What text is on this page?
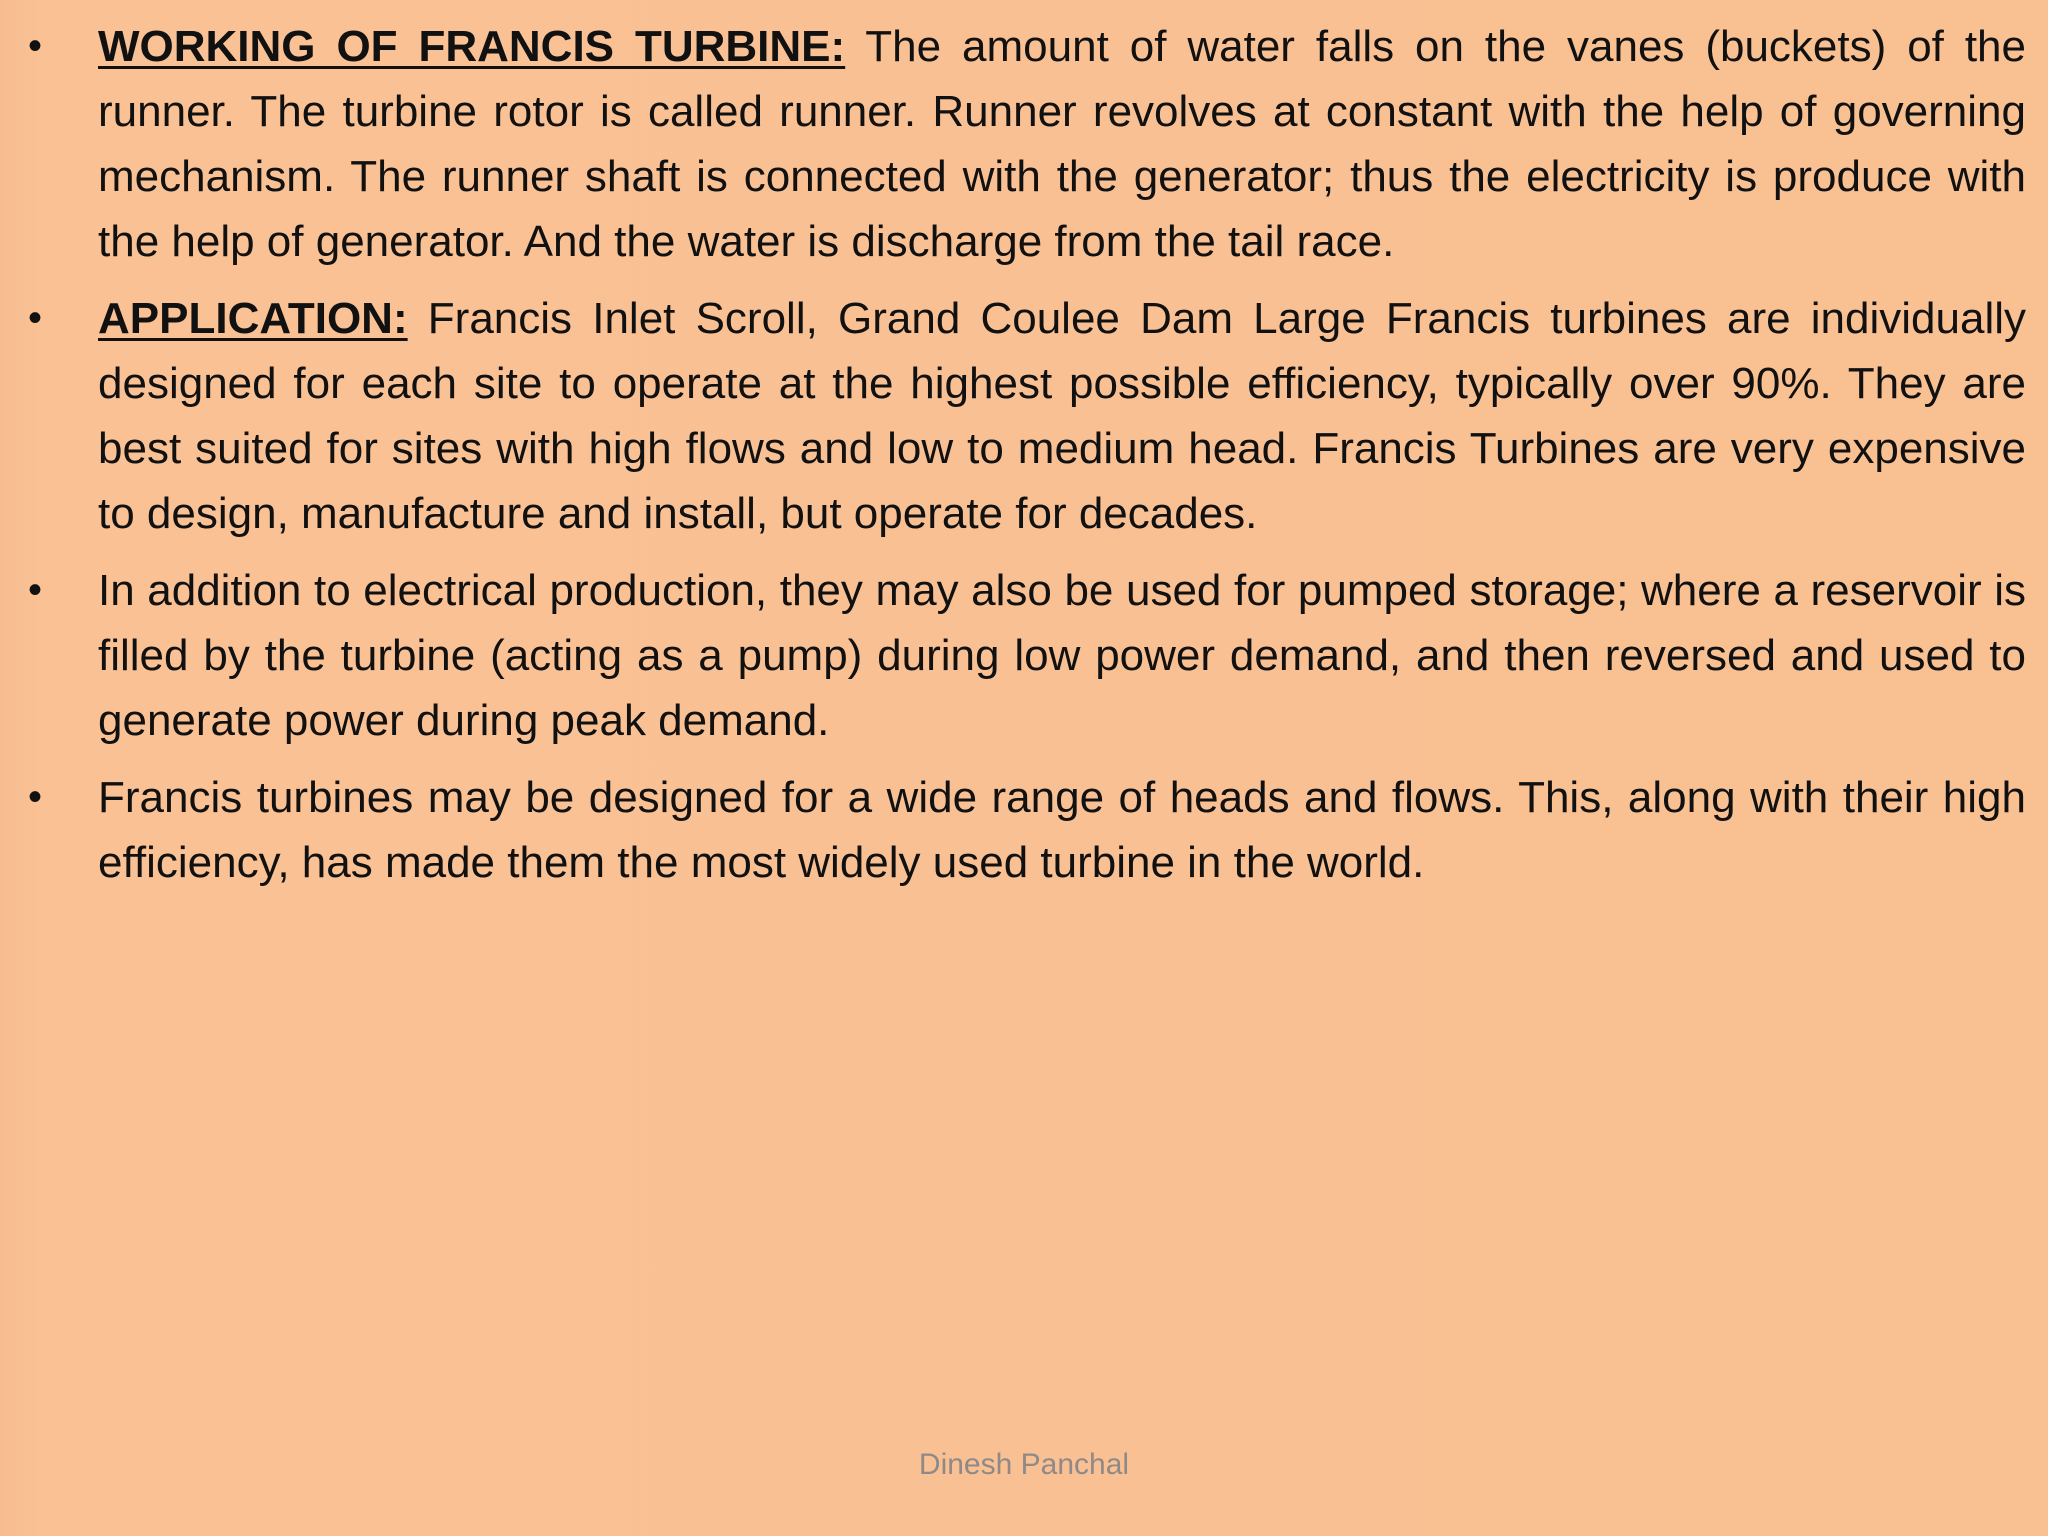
• WORKING OF FRANCIS TURBINE: The amount of water falls on the vanes (buckets) of the runner. The turbine rotor is called runner. Runner revolves at constant with the help of governing mechanism. The runner shaft is connected with the generator; thus the electricity is produce with the help of generator. And the water is discharge from the tail race.
• APPLICATION: Francis Inlet Scroll, Grand Coulee Dam Large Francis turbines are individually designed for each site to operate at the highest possible efficiency, typically over 90%. They are best suited for sites with high flows and low to medium head. Francis Turbines are very expensive to design, manufacture and install, but operate for decades.
• In addition to electrical production, they may also be used for pumped storage; where a reservoir is filled by the turbine (acting as a pump) during low power demand, and then reversed and used to generate power during peak demand.
• Francis turbines may be designed for a wide range of heads and flows. This, along with their high efficiency, has made them the most widely used turbine in the world.
Dinesh Panchal
